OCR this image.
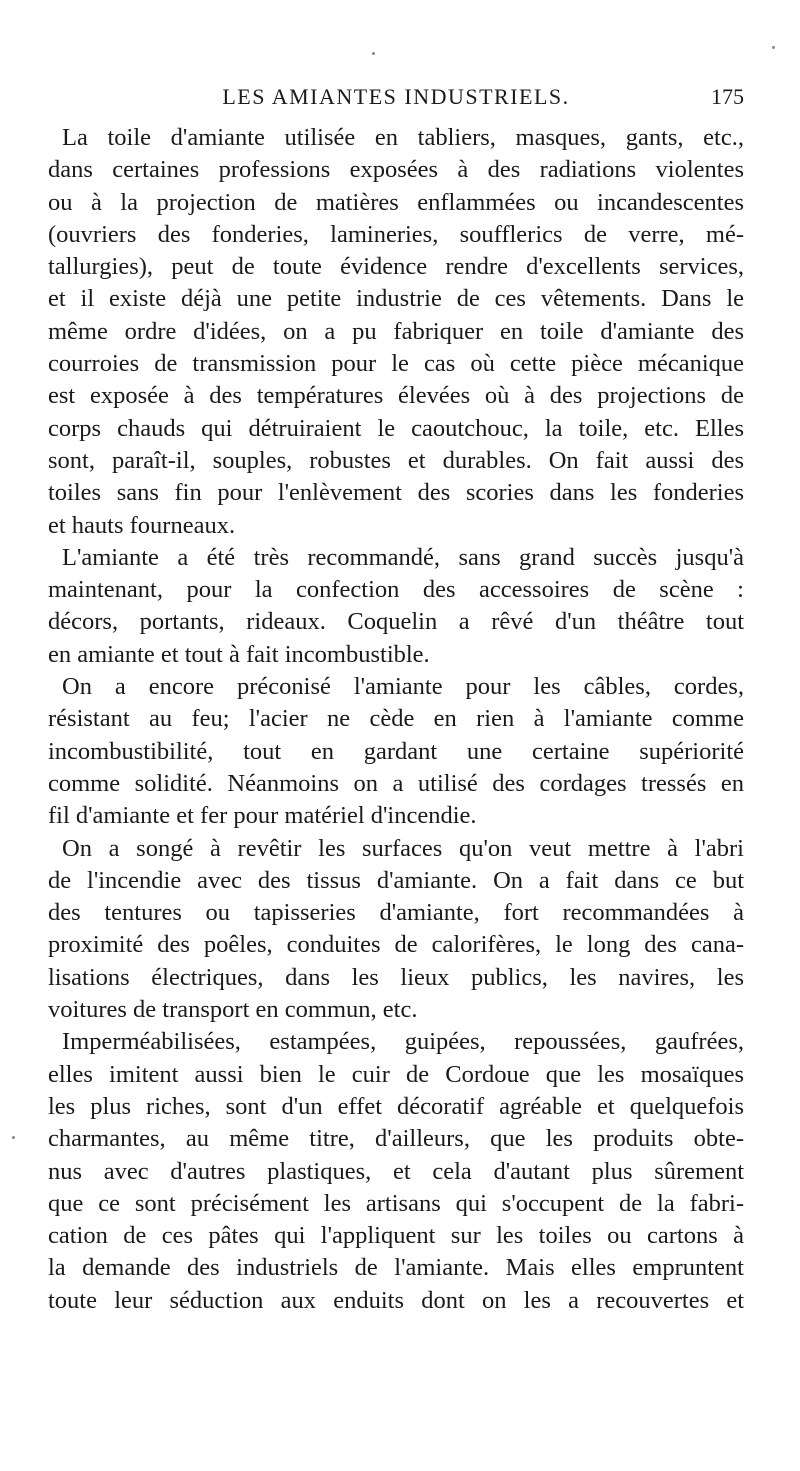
LES AMIANTES INDUSTRIELS.	175
La toile d'amiante utilisée en tabliers, masques, gants, etc.,
dans certaines professions exposées à des radiations violentes
ou à la projection de matières enflammées ou incandescentes
(ouvriers des fonderies, lamineries, soufflerics de verre, mé-
tallurgies), peut de toute évidence rendre d'excellents services,
et il existe déjà une petite industrie de ces vêtements. Dans le
même ordre d'idées, on a pu fabriquer en toile d'amiante des
courroies de transmission pour le cas où cette pièce mécanique
est exposée à des températures élevées où à des projections de
corps chauds qui détruiraient le caoutchouc, la toile, etc. Elles
sont, paraît-il, souples, robustes et durables. On fait aussi des
toiles sans fin pour l'enlèvement des scories dans les fonderies
et hauts fourneaux.
L'amiante a été très recommandé, sans grand succès jusqu'à
maintenant, pour la confection des accessoires de scène :
décors, portants, rideaux. Coquelin a rêvé d'un théâtre tout
en amiante et tout à fait incombustible.
On a encore préconisé l'amiante pour les câbles, cordes,
résistant au feu; l'acier ne cède en rien à l'amiante comme
incombustibilité, tout en gardant une certaine supériorité
comme solidité. Néanmoins on a utilisé des cordages tressés en
fil d'amiante et fer pour matériel d'incendie.
On a songé à revêtir les surfaces qu'on veut mettre à l'abri
de l'incendie avec des tissus d'amiante. On a fait dans ce but
des tentures ou tapisseries d'amiante, fort recommandées à
proximité des poêles, conduites de calorifères, le long des cana-
lisations électriques, dans les lieux publics, les navires, les
voitures de transport en commun, etc.
Imperméabilisées, estampées, guipées, repoussées, gaufrées,
elles imitent aussi bien le cuir de Cordoue que les mosaïques
les plus riches, sont d'un effet décoratif agréable et quelquefois
charmantes, au même titre, d'ailleurs, que les produits obte-
nus avec d'autres plastiques, et cela d'autant plus sûrement
que ce sont précisément les artisans qui s'occupent de la fabri-
cation de ces pâtes qui l'appliquent sur les toiles ou cartons à
la demande des industriels de l'amiante. Mais elles empruntent
toute leur séduction aux enduits dont on les a recouvertes et
